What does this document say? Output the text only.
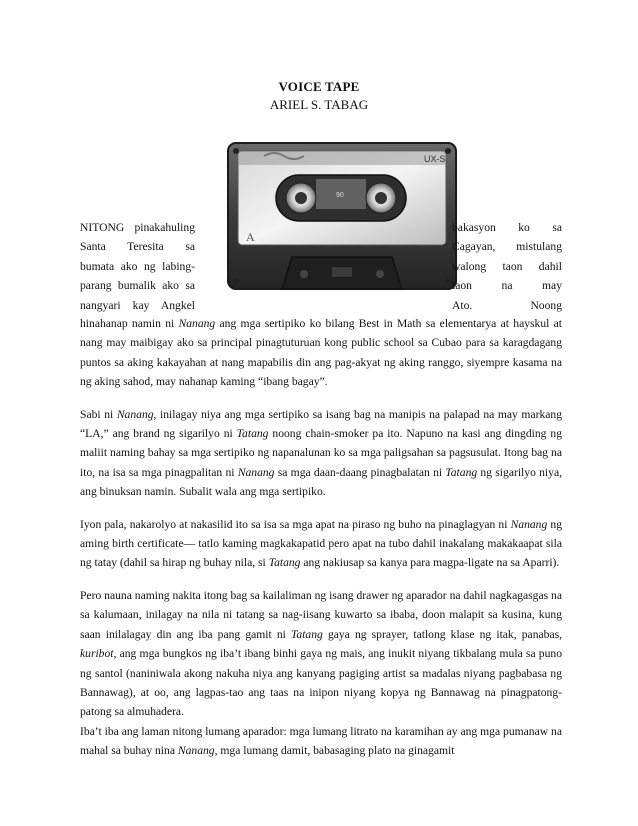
VOICE TAPE
ARIEL S. TABAG
UX-S
90
A
NITONG pinakahuling
Santa Teresita sa
bumata ako ng labing-
parang bumalik ako sa
nangyari kay Angkel
bakasyon ko sa
Cagayan, mistulang
walong taon dahil
taon na may
Ato. Noong
hinahanap namin ni Nanang ang mga sertipiko ko bilang Best in Math sa elementarya at hayskul at nang may maibigay ako sa principal pinagtuturuan kong public school sa Cubao para sa karagdagang puntos sa aking kakayahan at nang mapabilis din ang pag-akyat ng aking ranggo, siyempre kasama na ng aking sahod, may nahanap kaming “ibang bagay”.
Sabi ni Nanang, inilagay niya ang mga sertipiko sa isang bag na manipis na palapad na may markang “LA,” ang brand ng sigarilyo ni Tatang noong chain-smoker pa ito. Napuno na kasi ang dingding ng maliit naming bahay sa mga sertipiko ng napanalunan ko sa mga paligsahan sa pagsusulat. Itong bag na ito, na isa sa mga pinagpalitan ni Nanang sa mga daan-daang pinagbalatan ni Tatang ng sigarilyo niya, ang binuksan namin. Subalit wala ang mga sertipiko.
Iyon pala, nakarolyo at nakasilid ito sa isa sa mga apat na piraso ng buho na pinaglagyan ni Nanang ng aming birth certificate— tatlo kaming magkakapatid pero apat na tubo dahil inakalang makakaapat sila ng tatay (dahil sa hirap ng buhay nila, si Tatang ang nakiusap sa kanya para magpa-ligate na sa Aparri).
Pero nauna naming nakita itong bag sa kailaliman ng isang drawer ng aparador na dahil nagkagasgas na sa kalumaan, inilagay na nila ni tatang sa nag-iisang kuwarto sa ibaba, doon malapit sa kusina, kung saan inilalagay din ang iba pang gamit ni Tatang gaya ng sprayer, tatlong klase ng itak, panabas, kuribot, ang mga bungkos ng iba’t ibang binhi gaya ng mais, ang inukit niyang tikbalang mula sa puno ng santol (naniniwala akong nakuha niya ang kanyang pagiging artist sa madalas niyang pagbabasa ng Bannawag), at oo, ang lagpas-tao ang taas na inipon niyang kopya ng Bannawag na pinagpatong-patong sa almuhadera.
Iba’t iba ang laman nitong lumang aparador: mga lumang litrato na karamihan ay ang mga pumanaw na mahal sa buhay nina Nanang, mga lumang damit, babasaging plato na ginagamit
